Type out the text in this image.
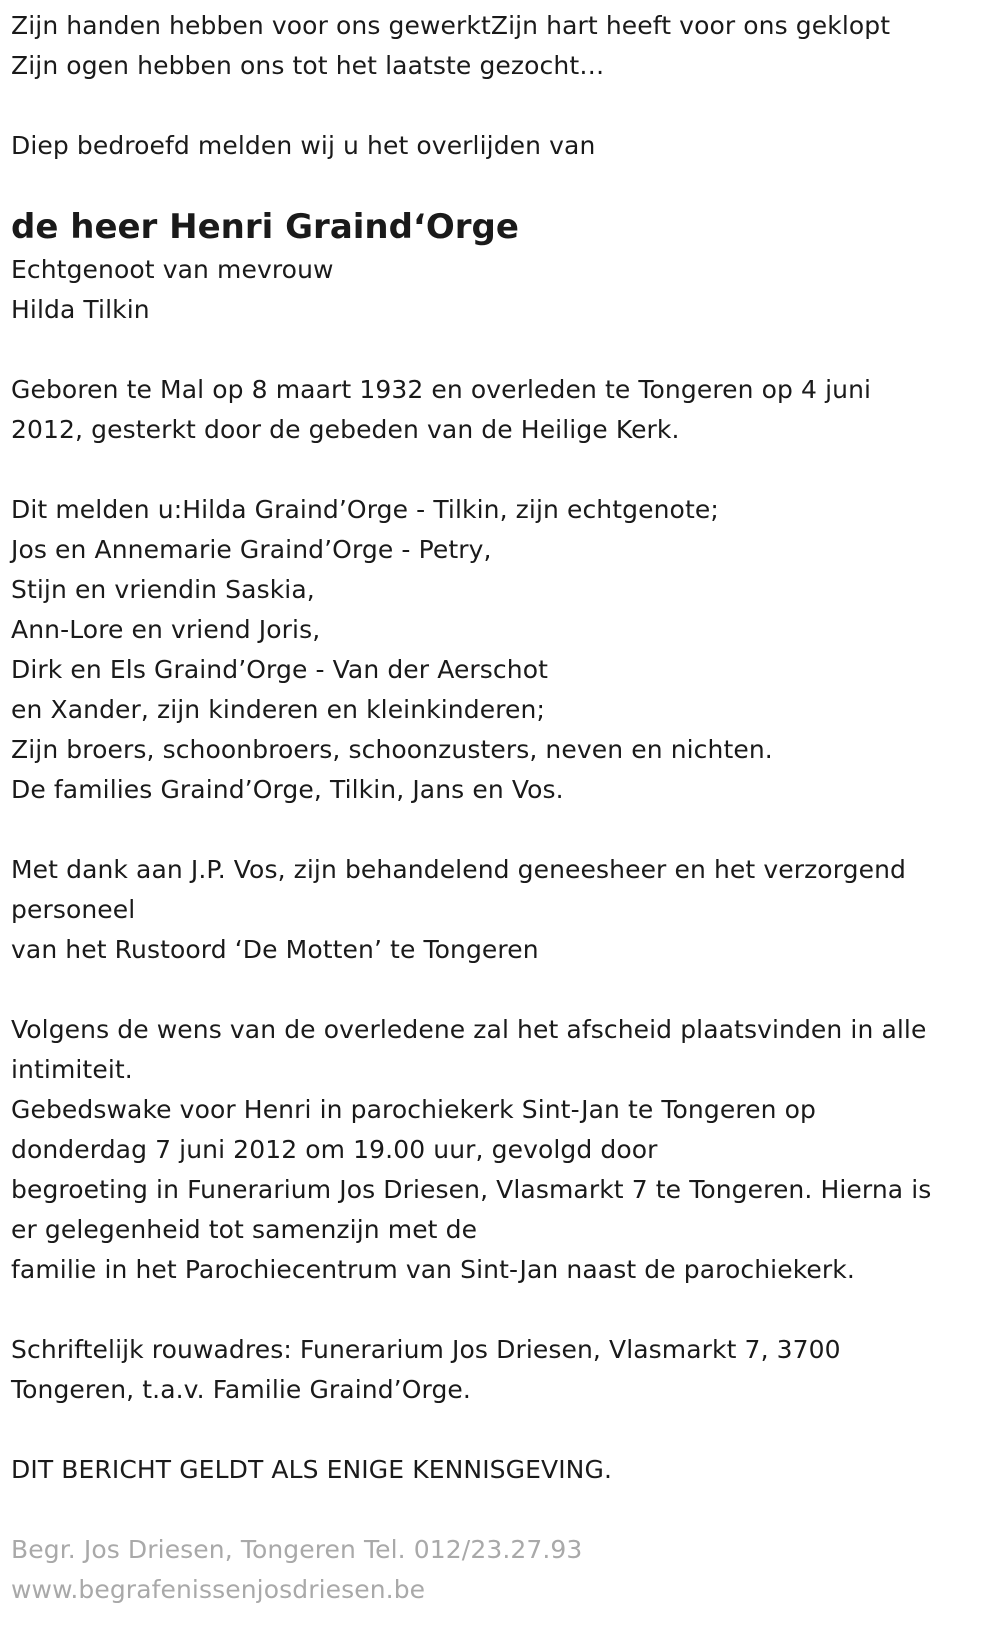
Zijn handen hebben voor ons gewerktZijn hart heeft voor ons geklopt
Zijn ogen hebben ons tot het laatste gezocht…
Diep bedroefd melden wij u het overlijden van
de heer Henri Graind‘Orge
Echtgenoot van mevrouw
Hilda Tilkin
Geboren te Mal op 8 maart 1932 en overleden te Tongeren op 4 juni
2012, gesterkt door de gebeden van de Heilige Kerk.
Dit melden u:Hilda Graind’Orge - Tilkin, zijn echtgenote;
Jos en Annemarie Graind’Orge - Petry,
Stijn en vriendin Saskia,
Ann-Lore en vriend Joris,
Dirk en Els Graind’Orge - Van der Aerschot
en Xander, zijn kinderen en kleinkinderen;
Zijn broers, schoonbroers, schoonzusters, neven en nichten.
De families Graind’Orge, Tilkin, Jans en Vos.
Met dank aan J.P. Vos, zijn behandelend geneesheer en het verzorgend
personeel
van het Rustoord ‘De Motten’ te Tongeren
Volgens de wens van de overledene zal het afscheid plaatsvinden in alle
intimiteit.
Gebedswake voor Henri in parochiekerk Sint-Jan te Tongeren op
donderdag 7 juni 2012 om 19.00 uur, gevolgd door
begroeting in Funerarium Jos Driesen, Vlasmarkt 7 te Tongeren. Hierna is
er gelegenheid tot samenzijn met de
familie in het Parochiecentrum van Sint-Jan naast de parochiekerk.
Schriftelijk rouwadres: Funerarium Jos Driesen, Vlasmarkt 7, 3700
Tongeren, t.a.v. Familie Graind’Orge.
DIT BERICHT GELDT ALS ENIGE KENNISGEVING.
Begr. Jos Driesen, Tongeren Tel. 012/23.27.93
www.begrafenissenjosdriesen.be
